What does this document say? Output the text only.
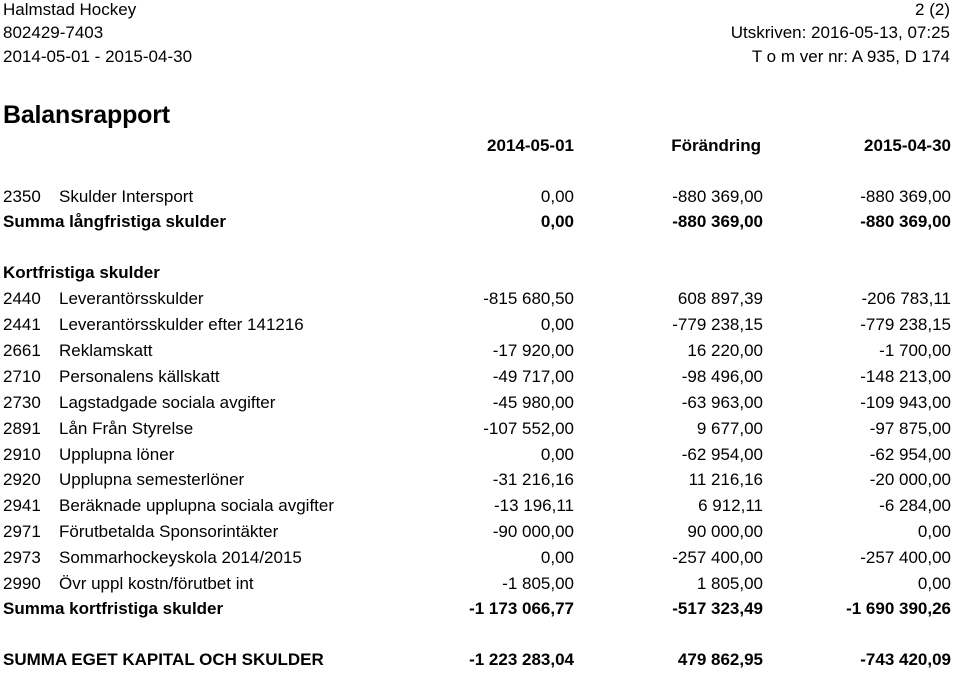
Halmstad Hockey	2 (2)
802429-7403	Utskriven: 2016-05-13, 07:25
2014-05-01 - 2015-04-30	T o m ver nr: A 935, D 174
Balansrapport
2014-05-01	Förändring	2015-04-30
2350 Skulder Intersport	0,00	-880 369,00	-880 369,00
Summa långfristiga skulder	0,00	-880 369,00	-880 369,00
Kortfristiga skulder
2440 Leverantörsskulder	-815 680,50	608 897,39	-206 783,11
2441 Leverantörsskulder efter 141216	0,00	-779 238,15	-779 238,15
2661 Reklamskatt	-17 920,00	16 220,00	-1 700,00
2710 Personalens källskatt	-49 717,00	-98 496,00	-148 213,00
2730 Lagstadgade sociala avgifter	-45 980,00	-63 963,00	-109 943,00
2891 Lån Från Styrelse	-107 552,00	9 677,00	-97 875,00
2910 Upplupna löner	0,00	-62 954,00	-62 954,00
2920 Upplupna semesterlöner	-31 216,16	11 216,16	-20 000,00
2941 Beräknade upplupna sociala avgifter	-13 196,11	6 912,11	-6 284,00
2971 Förutbetalda Sponsorintäkter	-90 000,00	90 000,00	0,00
2973 Sommarhockeyskola 2014/2015	0,00	-257 400,00	-257 400,00
2990 Övr uppl kostn/förutbet int	-1 805,00	1 805,00	0,00
Summa kortfristiga skulder	-1 173 066,77	-517 323,49	-1 690 390,26
SUMMA EGET KAPITAL OCH SKULDER	-1 223 283,04	479 862,95	-743 420,09
